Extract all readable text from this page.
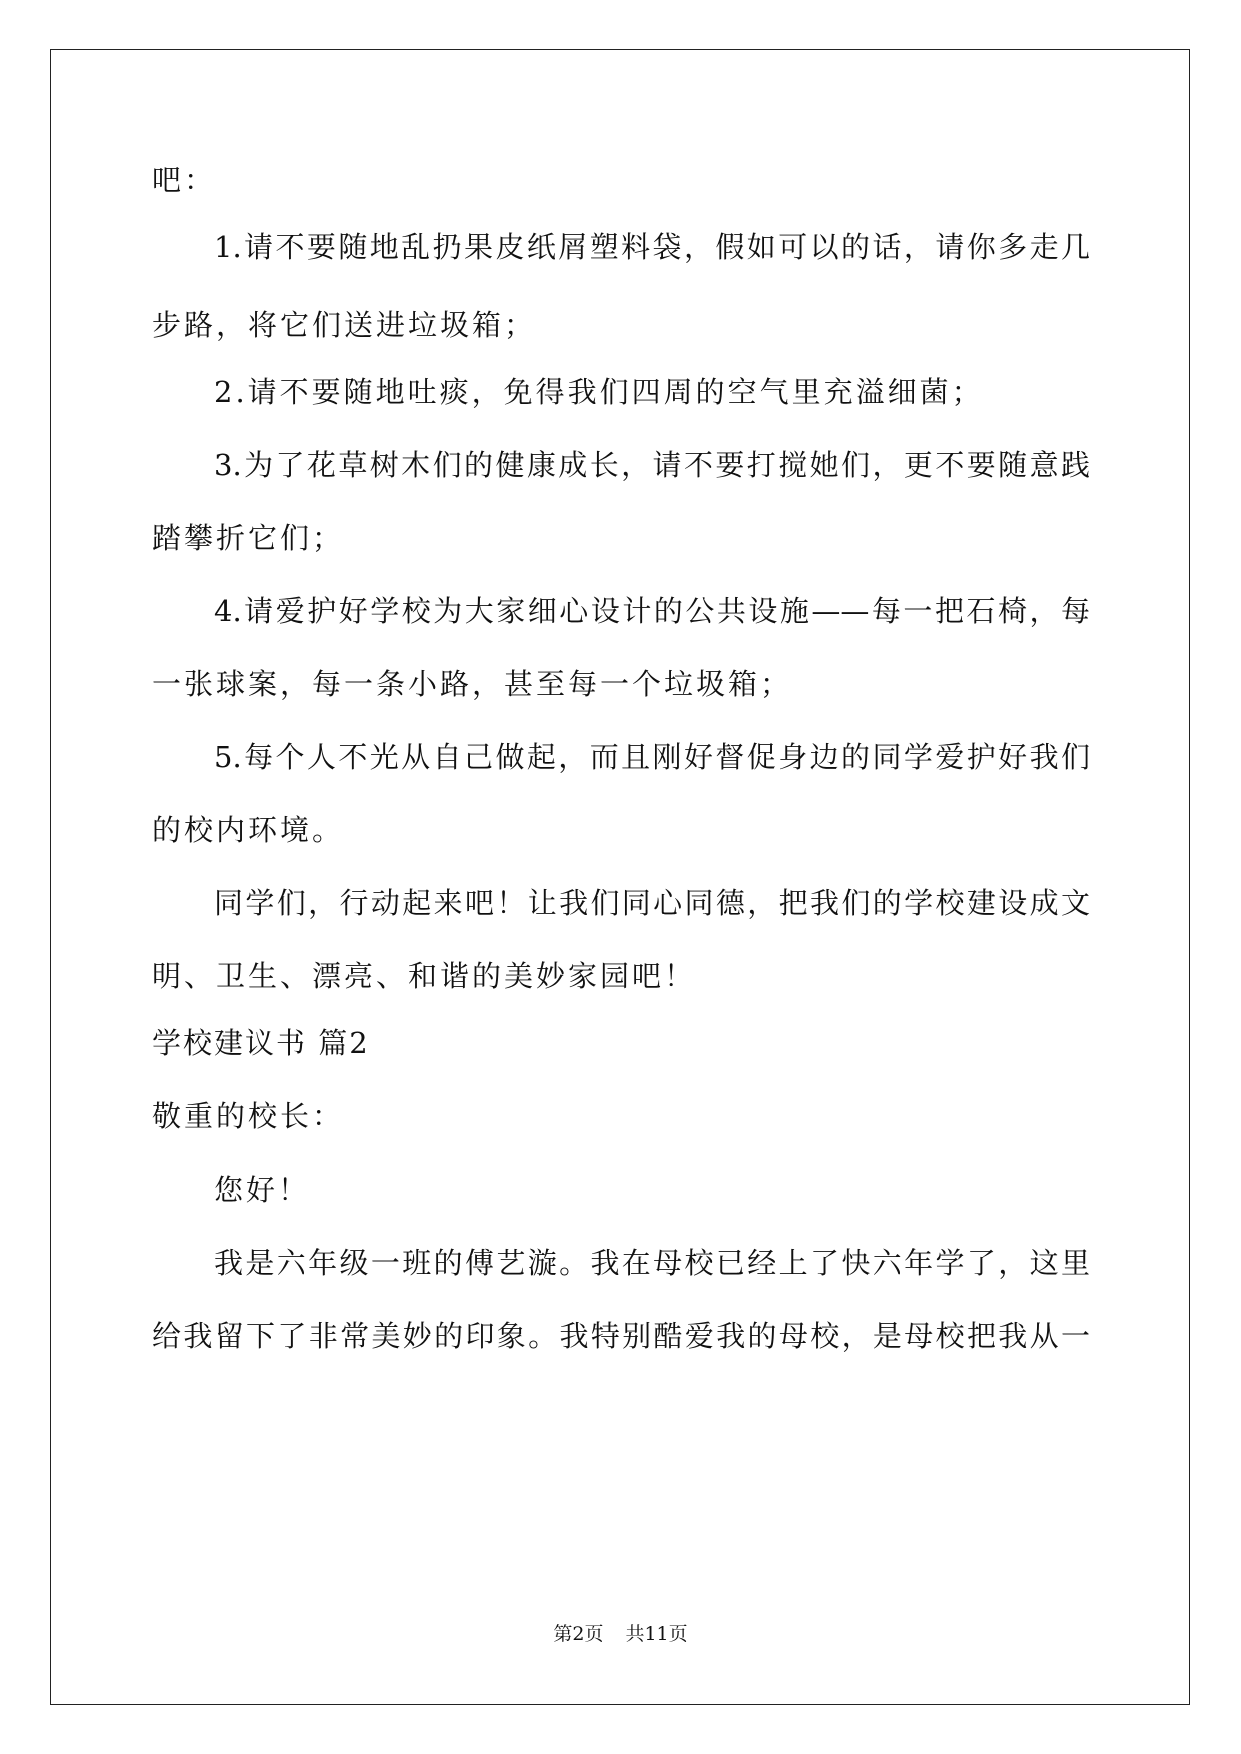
吧：
1.请不要随地乱扔果皮纸屑塑料袋，假如可以的话，请你多走几
步路，将它们送进垃圾箱；
2.请不要随地吐痰，免得我们四周的空气里充溢细菌；
3.为了花草树木们的健康成长，请不要打搅她们，更不要随意践
踏攀折它们；
4.请爱护好学校为大家细心设计的公共设施——每一把石椅，每
一张球案，每一条小路，甚至每一个垃圾箱；
5.每个人不光从自己做起，而且刚好督促身边的同学爱护好我们
的校内环境。
同学们，行动起来吧！让我们同心同德，把我们的学校建设成文
明、卫生、漂亮、和谐的美妙家园吧！
学校建议书 篇2
敬重的校长：
您好！
我是六年级一班的傅艺漩。我在母校已经上了快六年学了，这里
给我留下了非常美妙的印象。我特别酷爱我的母校，是母校把我从一
第2页 共11页
